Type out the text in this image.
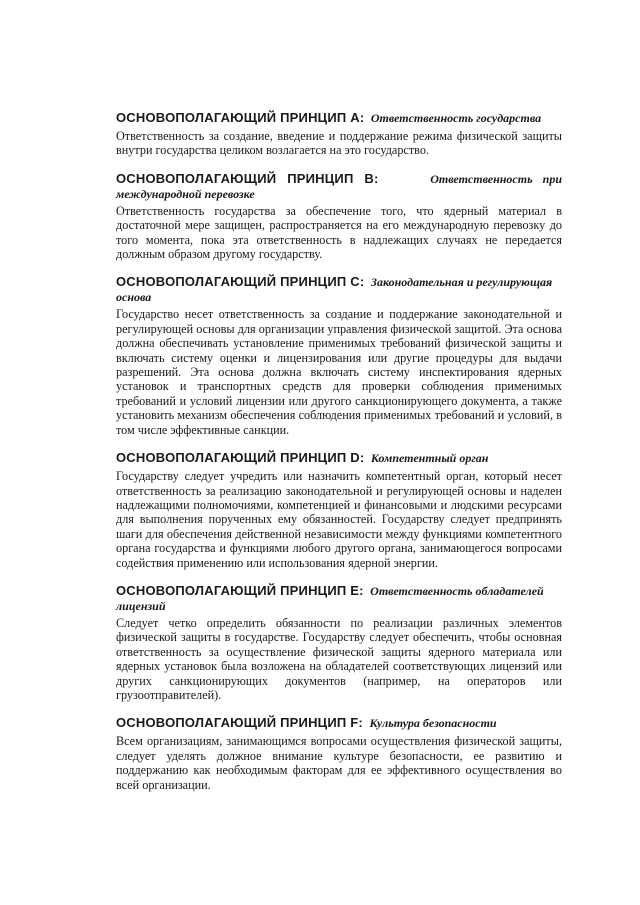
ОСНОВОПОЛАГАЮЩИЙ ПРИНЦИП A: Ответственность государства

Ответственность за создание, введение и поддержание режима физической защиты внутри государства целиком возлагается на это государство.

ОСНОВОПОЛАГАЮЩИЙ ПРИНЦИП B:	Ответственность при

международной перевозке

Ответственность государства за обеспечение того, что ядерный материал в достаточной мере защищен, распространяется на его международную перевозку до того момента, пока эта ответственность в надлежащих случаях не передается должным образом другому государству.

ОСНОВОПОЛАГАЮЩИЙ ПРИНЦИП C: Законодательная и регулирующая

основа

Государство несет ответственность за создание и поддержание законодательной и регулирующей основы для организации управления физической защитой. Эта основа должна обеспечивать установление применимых требований физической защиты и включать систему оценки и лицензирования или другие процедуры для выдачи разрешений. Эта основа должна включать систему инспектирования ядерных установок и транспортных средств для проверки соблюдения применимых требований и условий лицензии или другого санкционирующего документа, а также установить механизм обеспечения соблюдения применимых требований и условий, в том числе эффективные санкции.

ОСНОВОПОЛАГАЮЩИЙ ПРИНЦИП D: Компетентный орган

Государству следует учредить или назначить компетентный орган, который несет ответственность за реализацию законодательной и регулирующей основы и наделен надлежащими полномочиями, компетенцией и финансовыми и людскими ресурсами для выполнения порученных ему обязанностей. Государству следует предпринять шаги для обеспечения действенной независимости между функциями компетентного органа государства и функциями любого другого органа, занимающегося вопросами содействия применению или использования ядерной энергии.

ОСНОВОПОЛАГАЮЩИЙ ПРИНЦИП E: Ответственность обладателей

лицензий

Следует четко определить обязанности по реализации различных элементов физической защиты в государстве. Государству следует обеспечить, чтобы основная ответственность за осуществление физической защиты ядерного материала или ядерных установок была возложена на обладателей соответствующих лицензий или других санкционирующих документов (например, на операторов или грузоотправителей).

ОСНОВОПОЛАГАЮЩИЙ ПРИНЦИП F: Культура безопасности

Всем организациям, занимающимся вопросами осуществления физической защиты, следует уделять должное внимание культуре безопасности, ее развитию и поддержанию как необходимым факторам для ее эффективного осуществления во всей организации.
